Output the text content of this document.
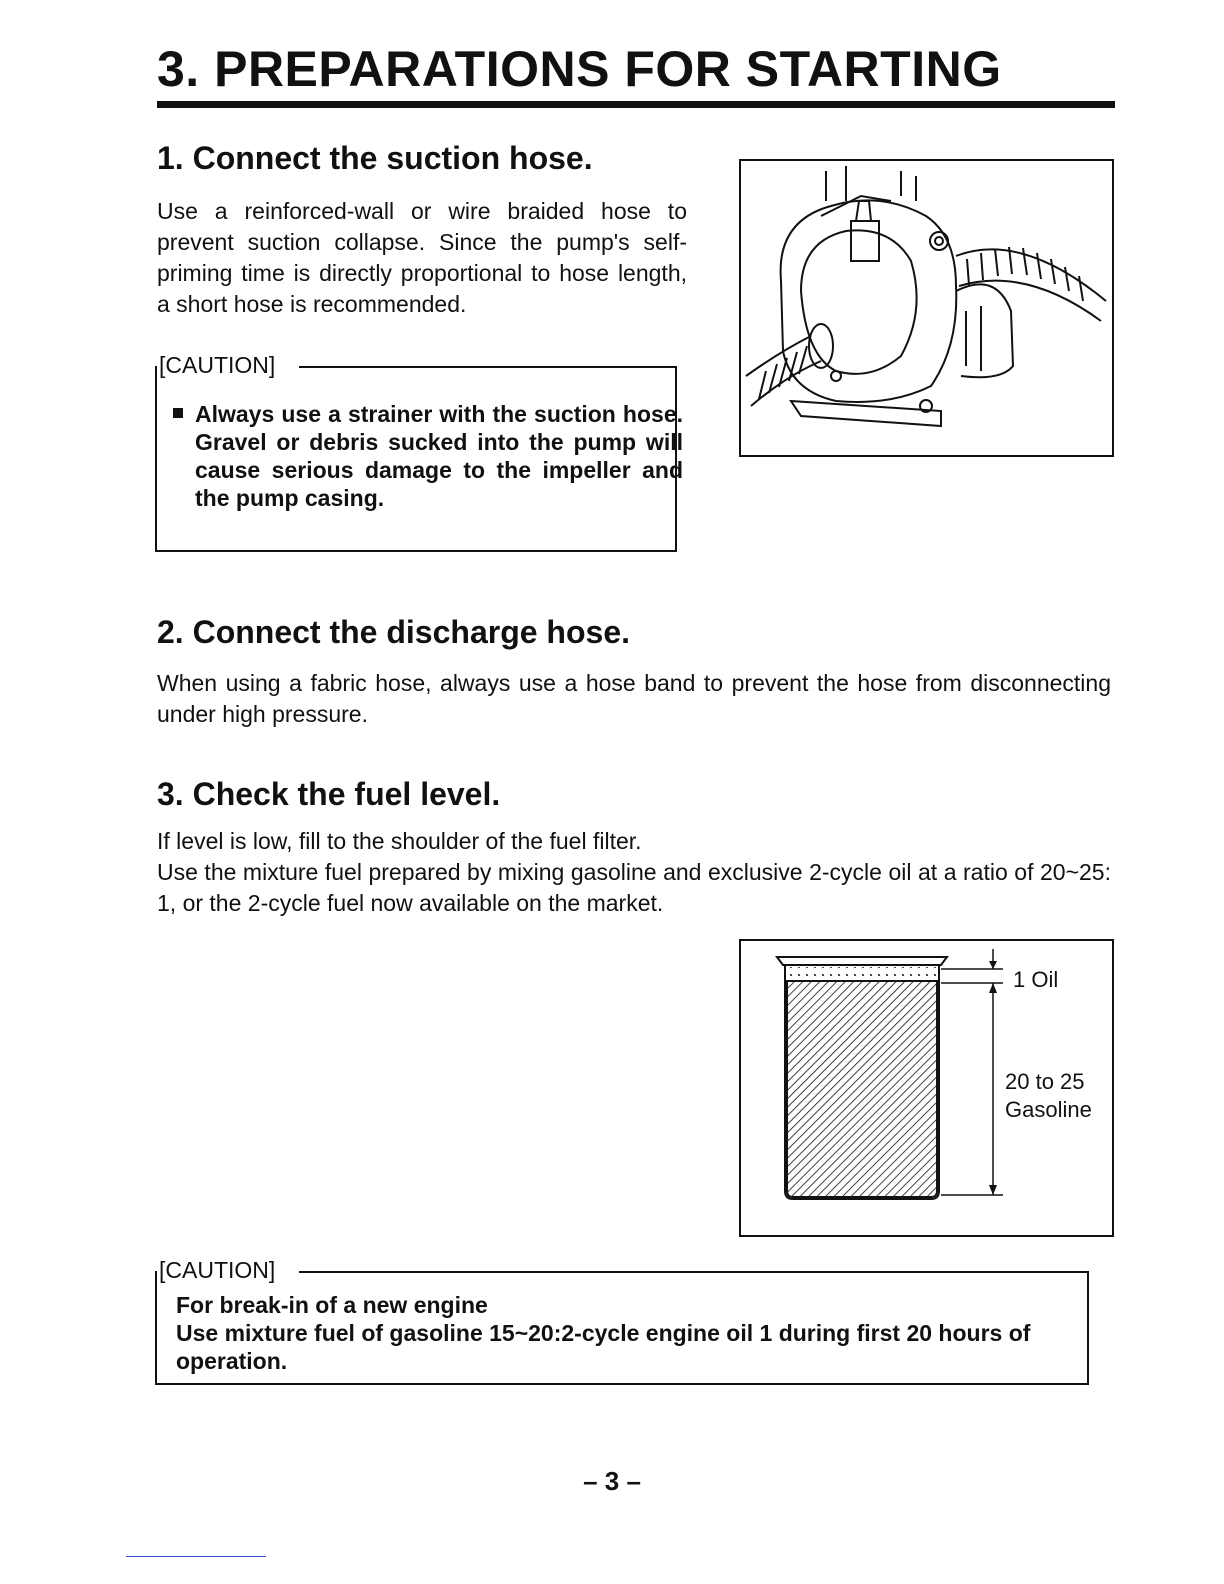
3. PREPARATIONS FOR STARTING
1. Connect the suction hose.

Use a reinforced-wall or wire braided hose to prevent suction collapse. Since the pump's self-priming time is directly proportional to hose length, a short hose is recommended.

[CAUTION]
Always use a strainer with the suction hose. Gravel or debris sucked into the pump will cause serious damage to the impeller and the pump casing.
2. Connect the discharge hose.

When using a fabric hose, always use a hose band to prevent the hose from disconnecting under high pressure.

3. Check the fuel level.

If level is low, fill to the shoulder of the fuel filter.

Use the mixture fuel prepared by mixing gasoline and exclusive 2-cycle oil at a ratio of 20~25: 1, or the 2-cycle fuel now available on the market.

1 Oil
20 to 25
Gasoline
[CAUTION]
For break-in of a new engine
Use mixture fuel of gasoline 15~20:2-cycle engine oil 1 during first 20 hours of operation.
– 3 –
